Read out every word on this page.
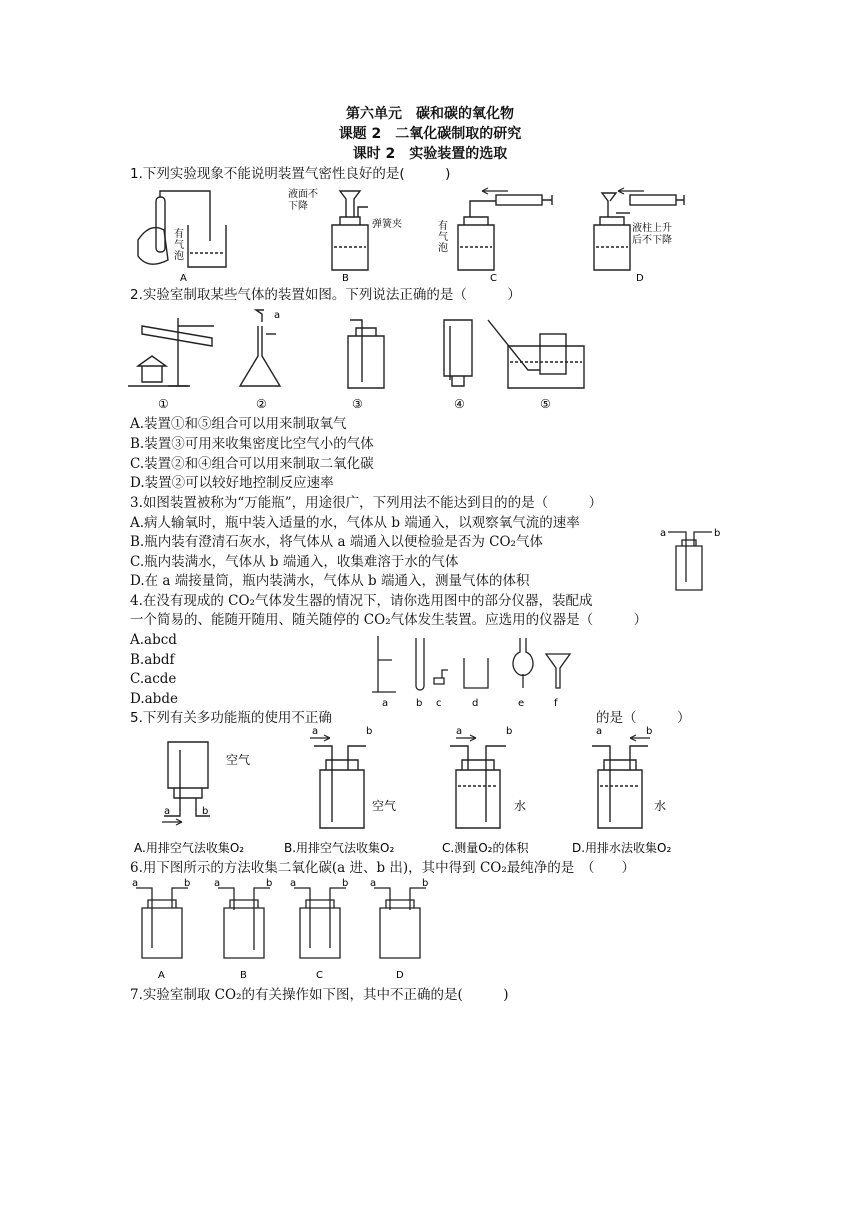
第六单元　碳和碳的氧化物
课题 2　二氧化碳制取的研究
课时 2　实验装置的选取
1.下列实验现象不能说明装置气密性良好的是(　　　)
有
气
泡
液面不
下降
弹簧夹	有
气
泡
液柱上升
后不下降
A	B	C	D
2.实验室制取某些气体的装置如图。下列说法正确的是（　　　）
a
①	②	③	④	⑤
A.装置①和⑤组合可以用来制取氧气
B.装置③可用来收集密度比空气小的气体
C.装置②和④组合可以用来制取二氧化碳
D.装置②可以较好地控制反应速率
3.如图装置被称为“万能瓶”，用途很广，下列用法不能达到目的的是（　　　）
A.病人输氧时，瓶中装入适量的水，气体从 b 端通入，以观察氧气流的速率
B.瓶内装有澄清石灰水，将气体从 a 端通入以便检验是否为 CO₂气体
C.瓶内装满水，气体从 b 端通入，收集难溶于水的气体
D.在 a 端接量筒，瓶内装满水，气体从 b 端通入，测量气体的体积
a	b
4.在没有现成的 CO₂气体发生器的情况下，请你选用图中的部分仪器，装配成
一个简易的、能随开随用、随关随停的 CO₂气体发生装置。应选用的仪器是（　　　）
A.abcd
B.abdf
C.acde
D.abde	a	b c	d	e	f
5.下列有关多功能瓶的使用不正确	的是（　　　）
空气
空气	水	水
a	b
a	b	a	b	a	b
A.用排空气法收集O₂	B.用排空气法收集O₂	C.测量O₂的体积	D.用排水法收集O₂
6.用下图所示的方法收集二氧化碳(a 进、b 出)，其中得到 CO₂最纯净的是　（　　）
a	b a	b a	b a	b
A	B	C	D
7.实验室制取 CO₂的有关操作如下图，其中不正确的是(　　　)
